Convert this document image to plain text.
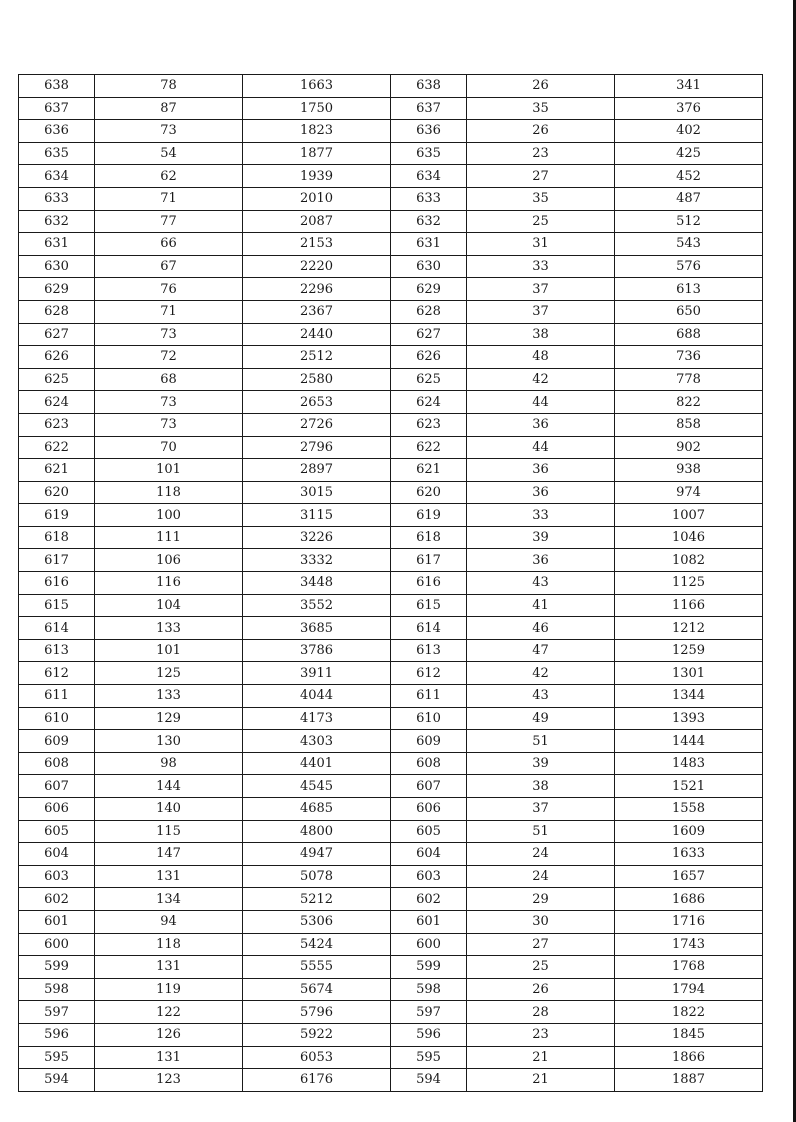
638	78	1663	638	26	341
637	87	1750	637	35	376
636	73	1823	636	26	402
635	54	1877	635	23	425
634	62	1939	634	27	452
633	71	2010	633	35	487
632	77	2087	632	25	512
631	66	2153	631	31	543
630	67	2220	630	33	576
629	76	2296	629	37	613
628	71	2367	628	37	650
627	73	2440	627	38	688
626	72	2512	626	48	736
625	68	2580	625	42	778
624	73	2653	624	44	822
623	73	2726	623	36	858
622	70	2796	622	44	902
621	101	2897	621	36	938
620	118	3015	620	36	974
619	100	3115	619	33	1007
618	111	3226	618	39	1046
617	106	3332	617	36	1082
616	116	3448	616	43	1125
615	104	3552	615	41	1166
614	133	3685	614	46	1212
613	101	3786	613	47	1259
612	125	3911	612	42	1301
611	133	4044	611	43	1344
610	129	4173	610	49	1393
609	130	4303	609	51	1444
608	98	4401	608	39	1483
607	144	4545	607	38	1521
606	140	4685	606	37	1558
605	115	4800	605	51	1609
604	147	4947	604	24	1633
603	131	5078	603	24	1657
602	134	5212	602	29	1686
601	94	5306	601	30	1716
600	118	5424	600	27	1743
599	131	5555	599	25	1768
598	119	5674	598	26	1794
597	122	5796	597	28	1822
596	126	5922	596	23	1845
595	131	6053	595	21	1866
594	123	6176	594	21	1887
